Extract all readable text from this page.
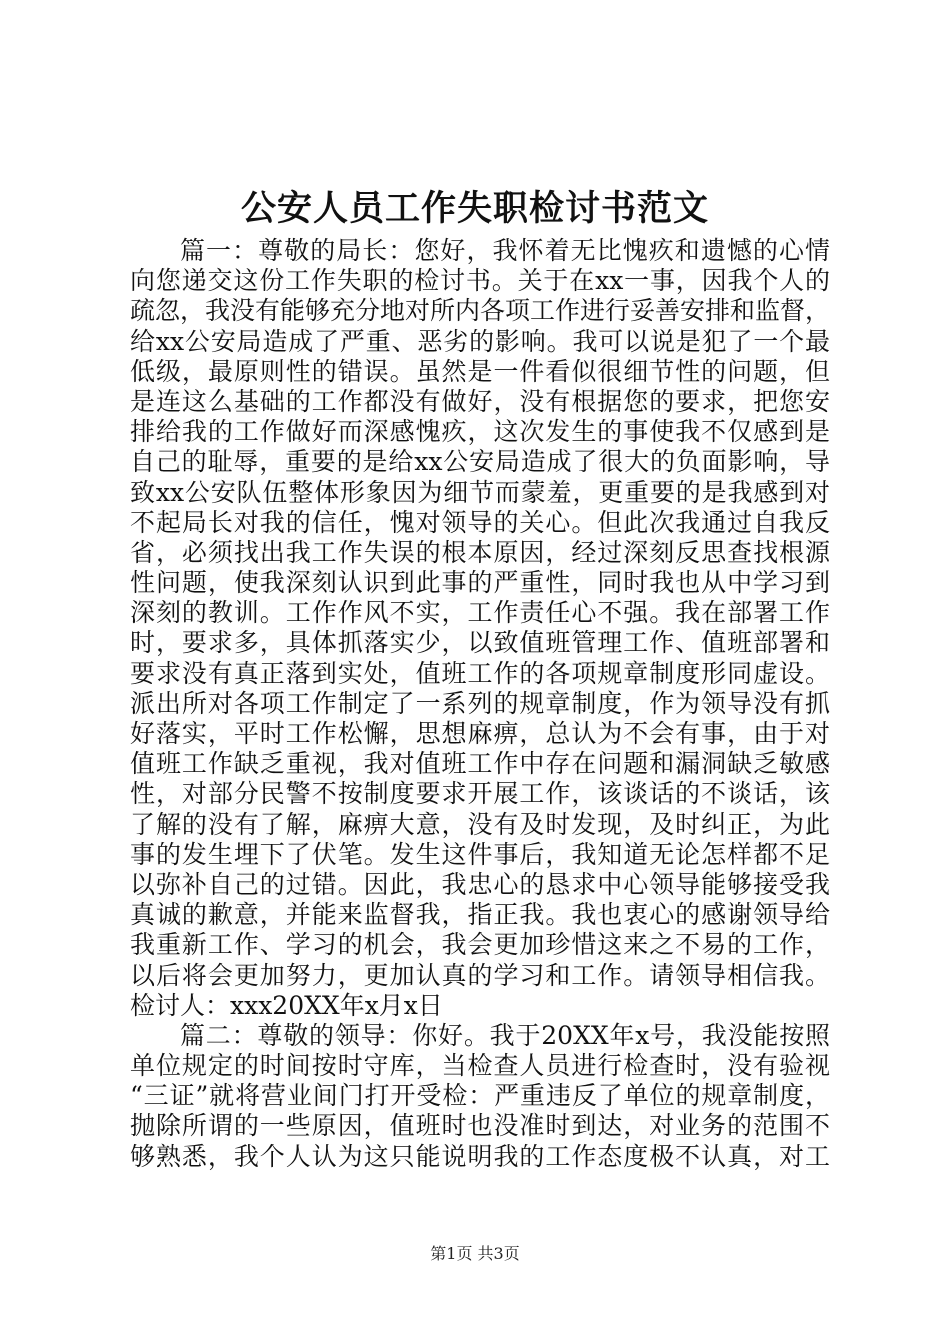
公安人员工作失职检讨书范文
篇一：尊敬的局长：您好，我怀着无比愧疚和遗憾的心情
向您递交这份工作失职的检讨书。关于在xx一事，因我个人的
疏忽，我没有能够充分地对所内各项工作进行妥善安排和监督，
给xx公安局造成了严重、恶劣的影响。我可以说是犯了一个最
低级，最原则性的错误。虽然是一件看似很细节性的问题，但
是连这么基础的工作都没有做好，没有根据您的要求，把您安
排给我的工作做好而深感愧疚，这次发生的事使我不仅感到是
自己的耻辱，重要的是给xx公安局造成了很大的负面影响，导
致xx公安队伍整体形象因为细节而蒙羞，更重要的是我感到对
不起局长对我的信任，愧对领导的关心。但此次我通过自我反
省，必须找出我工作失误的根本原因，经过深刻反思查找根源
性问题，使我深刻认识到此事的严重性，同时我也从中学习到
深刻的教训。工作作风不实，工作责任心不强。我在部署工作
时，要求多，具体抓落实少，以致值班管理工作、值班部署和
要求没有真正落到实处，值班工作的各项规章制度形同虚设。
派出所对各项工作制定了一系列的规章制度，作为领导没有抓
好落实，平时工作松懈，思想麻痹，总认为不会有事，由于对
值班工作缺乏重视，我对值班工作中存在问题和漏洞缺乏敏感
性，对部分民警不按制度要求开展工作，该谈话的不谈话，该
了解的没有了解，麻痹大意，没有及时发现，及时纠正，为此
事的发生埋下了伏笔。发生这件事后，我知道无论怎样都不足
以弥补自己的过错。因此，我忠心的恳求中心领导能够接受我
真诚的歉意，并能来监督我，指正我。我也衷心的感谢领导给
我重新工作、学习的机会，我会更加珍惜这来之不易的工作，
以后将会更加努力，更加认真的学习和工作。请领导相信我。
检讨人：xxx20XX年x月x日
篇二：尊敬的领导：你好。我于20XX年x号，我没能按照
单位规定的时间按时守库，当检查人员进行检查时，没有验视
“三证”就将营业间门打开受检：严重违反了单位的规章制度，
抛除所谓的一些原因，值班时也没准时到达，对业务的范围不
够熟悉，我个人认为这只能说明我的工作态度极不认真，对工
第1页 共3页
